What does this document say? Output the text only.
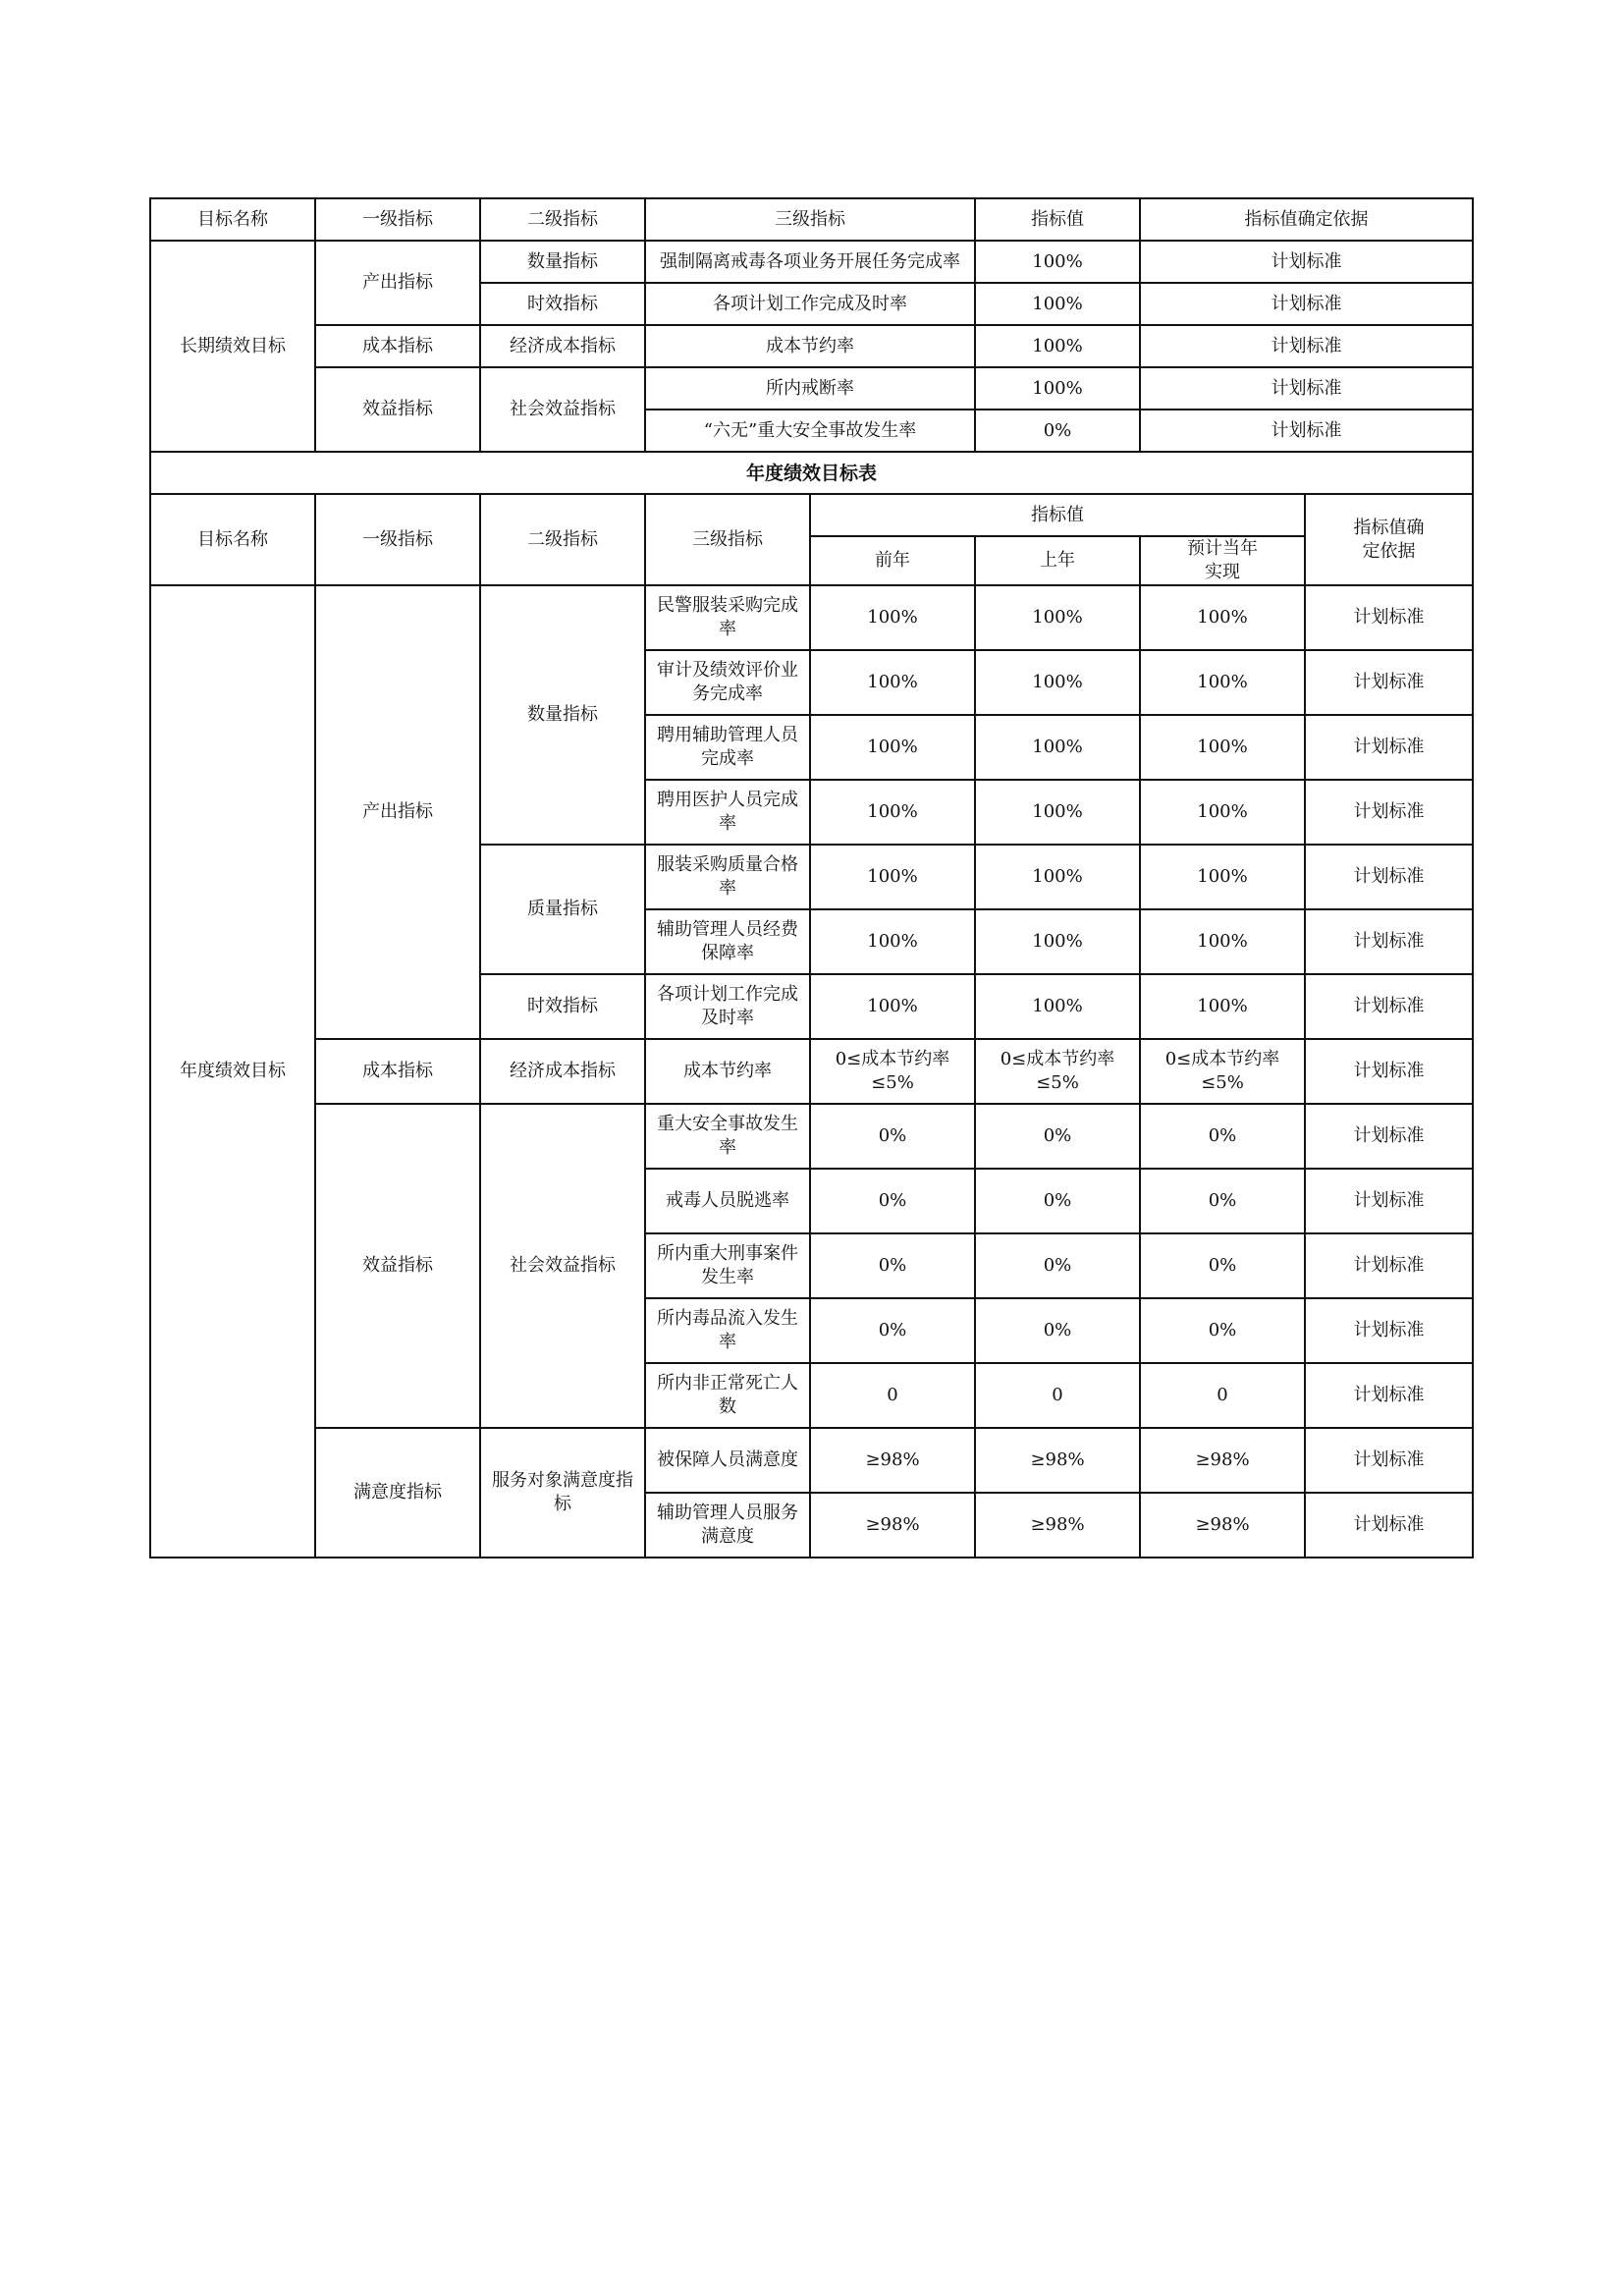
目标名称	一级指标	二级指标	三级指标		指标值	指标值确定依据	
长期绩效目标	产出指标	数量指标	强制隔离戒毒各项业务开展任务完成率		100%	计划标准	
		时效指标	各项计划工作完成及时率		100%	计划标准	
	成本指标	经济成本指标	成本节约率		100%	计划标准	
	效益指标	社会效益指标	所内戒断率		100%	计划标准	
			“六无”重大安全事故发生率		0%	计划标准	
年度绩效目标表							
目标名称	一级指标	二级指标	三级指标	指标值			指标值确定依据
				前年	上年	预计当年实现	
年度绩效目标	产出指标	数量指标	民警服装采购完成率	100%	100%	100%	计划标准
			审计及绩效评价业务完成率	100%	100%	100%	计划标准
			聘用辅助管理人员完成率	100%	100%	100%	计划标准
			聘用医护人员完成率	100%	100%	100%	计划标准
		质量指标	服装采购质量合格率	100%	100%	100%	计划标准
			辅助管理人员经费保障率	100%	100%	100%	计划标准
		时效指标	各项计划工作完成及时率	100%	100%	100%	计划标准
	成本指标	经济成本指标	成本节约率	0≤成本节约率≤5%	0≤成本节约率≤5%	0≤成本节约率≤5%	计划标准
	效益指标	社会效益指标	重大安全事故发生率	0%	0%	0%	计划标准
			戒毒人员脱逃率	0%	0%	0%	计划标准
			所内重大刑事案件发生率	0%	0%	0%	计划标准
			所内毒品流入发生率	0%	0%	0%	计划标准
			所内非正常死亡人数	0	0	0	计划标准
	满意度指标	服务对象满意度指标	被保障人员满意度	≥98%	≥98%	≥98%	计划标准
			辅助管理人员服务满意度	≥98%	≥98%	≥98%	计划标准
